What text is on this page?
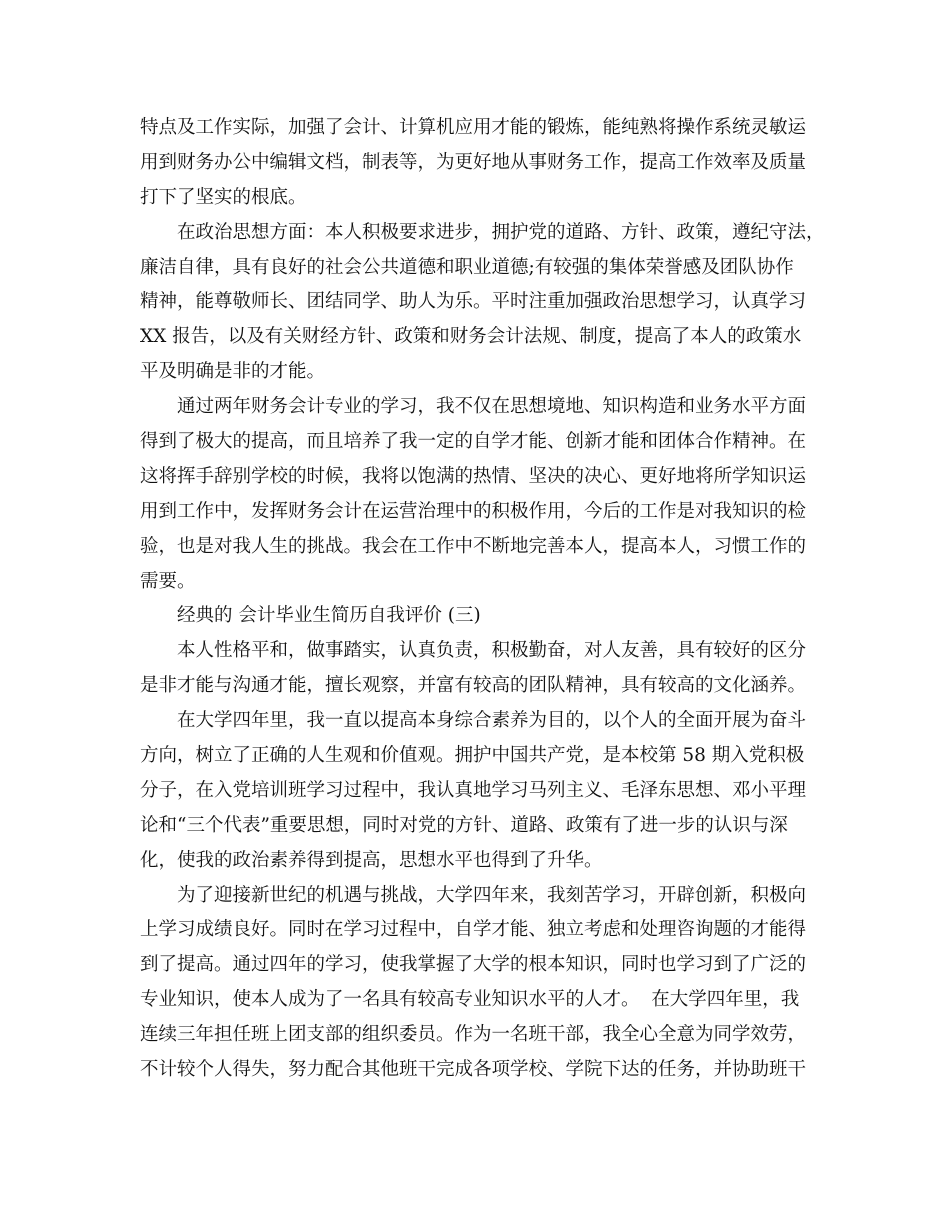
特点及工作实际，加强了会计、计算机应用才能的锻炼，能纯熟将操作系统灵敏运
用到财务办公中编辑文档，制表等，为更好地从事财务工作，提高工作效率及质量
打下了坚实的根底。
在政治思想方面：本人积极要求进步，拥护党的道路、方针、政策，遵纪守法，
廉洁自律，具有良好的社会公共道德和职业道德;有较强的集体荣誉感及团队协作
精神，能尊敬师长、团结同学、助人为乐。平时注重加强政治思想学习，认真学习
XX 报告，以及有关财经方针、政策和财务会计法规、制度，提高了本人的政策水
平及明确是非的才能。
通过两年财务会计专业的学习，我不仅在思想境地、知识构造和业务水平方面
得到了极大的提高，而且培养了我一定的自学才能、创新才能和团体合作精神。在
这将挥手辞别学校的时候，我将以饱满的热情、坚决的决心、更好地将所学知识运
用到工作中，发挥财务会计在运营治理中的积极作用，今后的工作是对我知识的检
验，也是对我人生的挑战。我会在工作中不断地完善本人，提高本人，习惯工作的
需要。
经典的 会计毕业生简历自我评价 (三)
本人性格平和，做事踏实，认真负责，积极勤奋，对人友善，具有较好的区分
是非才能与沟通才能，擅长观察，并富有较高的团队精神，具有较高的文化涵养。
在大学四年里，我一直以提高本身综合素养为目的，以个人的全面开展为奋斗
方向，树立了正确的人生观和价值观。拥护中国共产党，是本校第 58 期入党积极
分子，在入党培训班学习过程中，我认真地学习马列主义、毛泽东思想、邓小平理
论和“三个代表”重要思想，同时对党的方针、道路、政策有了进一步的认识与深
化，使我的政治素养得到提高，思想水平也得到了升华。
为了迎接新世纪的机遇与挑战，大学四年来，我刻苦学习，开辟创新，积极向
上学习成绩良好。同时在学习过程中，自学才能、独立考虑和处理咨询题的才能得
到了提高。通过四年的学习，使我掌握了大学的根本知识，同时也学习到了广泛的
专业知识，使本人成为了一名具有较高专业知识水平的人才。  在大学四年里，我
连续三年担任班上团支部的组织委员。作为一名班干部，我全心全意为同学效劳，
不计较个人得失，努力配合其他班干完成各项学校、学院下达的任务，并协助班干
